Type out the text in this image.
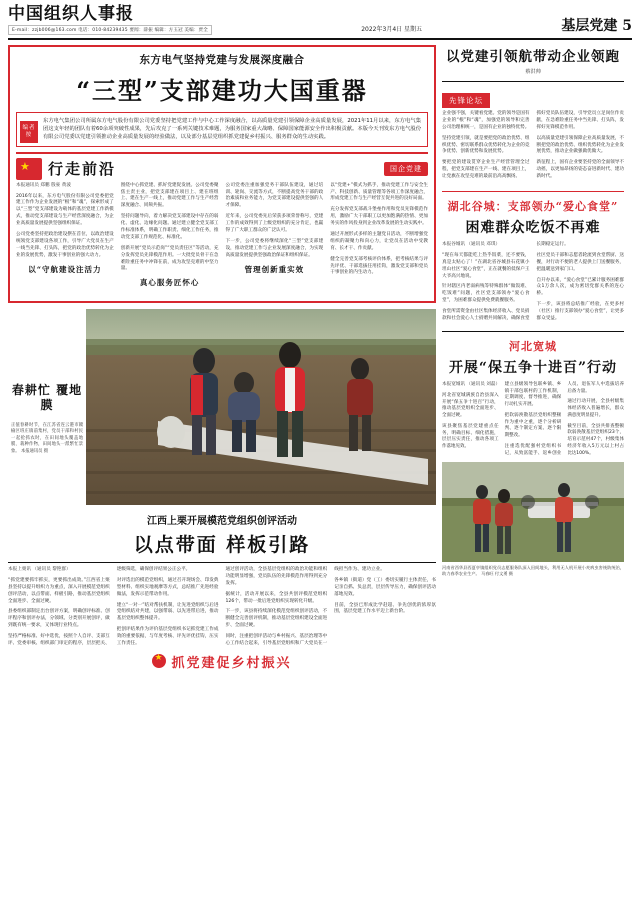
中国组织人事报
E-mail：zzjb006@163.com 电话：010-84239435 要闻：薛振 编辑：方玉冠 美编：贾全	2022年3月4日 星期五	基层党建 5
东方电气坚持党建与发展深度融合
“三型”支部建功大国重器
编者按
东方电气集团公司所属东方电气股份有限公司党委坚持把党建工作与中心工作深度融合，以高质量党建引领保障企业高质量发展，2021年11月以来，东方电气集团这支年轻的团队有着60余项突破性成果，先后攻克了一系列关键技术难题，为服务国家重大战略、保障国家能源安全作出积极贡献。本版今天刊发东方电气股份有限公司党委以党建引领推动企业高质量发展的经验做法，以及部分基层党组织抓党建促乡村振兴、服务群众的生动实践。
★
行走前沿	国企党建

本报通讯员 郑鹏 殷豪 黄波

2016年以来，东方电气股份有限公司党委把党建工作作为企业发展的“根”和“魂”，探索形成了以“三型”党支部建设为载体的基层党建工作新模式，推动党支部建设与生产经营深度融合，为企业高质量发展提供坚强组织保证。

公司党委坚持把政治建设摆在首位，以政治建设统领党支部建设各项工作，引导广大党员在生产一线当先锋、打头阵，把党的政治优势转化为企业的发展优势，激发干事创业的强大动力。

以“守航建设注活力

围绕中心抓党建、抓好党建促发展。公司党委聚焦主责主业，把党支部建在项目上、建在班组上、建在生产一线上，推动党建工作与生产经营深度融合、同频共振。

坚持问题导向，着力解决党支部建设中存在的弱化、虚化、边缘化问题。通过建立健全党支部工作标准体系，明确工作职责、细化工作任务，推动党支部工作规范化、标准化。

创新开展“党员示范岗”“党员责任区”等活动，充分发挥党员先锋模范作用。一大批党员骨干在急难险重任务中冲锋在前，成为攻坚克难的中坚力量。

真心服务匠怀心

公司党委注重加强党务干部队伍建设，通过培训、轮岗、交流等方式，不断提高党务干部的政治素质和业务能力，为党支部建设提供坚强的人才保障。

近年来，公司党委先后荣获多项荣誉称号，党建工作的成效得到了上级党组织的充分肯定，也赢得了广大职工群众的广泛认可。

下一步，公司党委将继续深化“三型”党支部建设，推动党建工作与企业发展深度融合，为实现高质量发展提供坚强政治保证和组织保证。

管理创新重实效

以“党建+”模式为抓手，推动党建工作与安全生产、科技创新、质量管理等各项工作深度融合，形成党建工作与生产经营互促共进的良好局面。

充分发挥党支部战斗堡垒作用和党员先锋模范作用，激励广大干部职工以更加饱满的热情、更加务实的作风投身到企业改革发展的生动实践中。

通过开展形式多样的主题党日活动，不断增强党组织的凝聚力和向心力，让党员在活动中受教育、长才干、作贡献。

健全完善党支部考核评价体系，把考核结果与评先评优、干部选拔任用挂钩，激发党支部和党员干事创业的内生动力。

春耕忙 覆地膜
正值春耕时节，在江苏省连云港市赣榆区班庄镇前集村，党员干部和村民一起抢抓农时，在田间地头覆盖地膜、栽种作物，田间地头一派繁忙景象。 本报通讯员 摄
江西上栗开展模范党组织创评活动
以点带面 样板引路

本报上栗讯 （通讯员 黎艳群）

“抓党建要抓牢抓实，更要抓出成效。”江西省上栗县坚持以提升组织力为重点，深入开展模范党组织创评活动，以点带面、样板引路，推动基层党组织全面进步、全面过硬。

县委组织部制定出台创评方案，明确创评标准、创评程序和创评办法，分领域、分类别开展创评，做到既有统一要求，又体现行业特点。

坚持严格标准、好中选优，按照个人自评、支部互评、党委审核、组织部门审定的程序，层层把关、逐级筛选，确保创评结果公正公平。

对评选出的模范党组织，通过召开现场会、印发典型材料、组织实地观摩等方式，总结推广先进经验做法，发挥示范带动作用。

建立“一对一”结对帮扶机制，让先进党组织与后进党组织结对共建，以强带弱、以先进带后进，推动基层党组织整体提升。

把创评结果作为评价基层党组织书记抓党建工作成效的重要依据，与年度考核、评先评优挂钩，压实工作责任。

通过创评活动，全县基层党组织的政治功能和组织功能明显增强，党员队伍的先锋模范作用得到充分发挥。

据统计，活动开展以来，全县共创评模范党组织126个，带动一批后进党组织实现转化升级。

下一步，该县将持续深化模范党组织创评活动，不断健全完善创评机制，推动基层党组织建设全面进步、全面过硬。

同时，注重把创评活动与乡村振兴、基层治理等中心工作结合起来，引导基层党组织和广大党员在一线担当作为、建功立业。

各乡镇（街道）党（工）委切实履行主体责任，书记亲自抓、负总责，层层传导压力，确保创评活动落地见效。

目前，全县已形成比学赶超、争先创优的浓厚氛围，基层党建工作水平迈上新台阶。

★
抓党建促乡村振兴
以党建引领航带动企业领跑
蔡洪帅
先锋论坛

企业强不强，关键看党建。党的领导是国有企业的“根”和“魂”，加强党的领导和完善公司治理相统一，是国有企业的独特优势。

坚持党建引领，就是要把党的政治优势、组织优势、密切联系群众优势转化为企业的竞争优势、创新优势和发展优势。

要把党的建设贯穿企业生产经营管理全过程，把党支部建在生产一线、建在项目上，让党旗在攻坚克难的最前沿高高飘扬。

抓好党员队伍建设，引导党员立足岗位作贡献，在急难险重任务中当先锋、打头阵，发挥好先锋模范作用。

以高质量党建引领保障企业高质量发展，不断把党的政治优势、组织优势转化为企业发展优势，推动企业做强做优做大。

新征程上，国有企业要坚持党的全面领导不动摇，以更加昂扬的姿态奋进新时代、建功新时代。

湖北谷城：支部领办“爱心食堂”
困难群众吃饭不再难

本报谷城讯 （通讯员 邓琪）

“现在每天都能吃上热乎饭菜，还不要钱，真是太贴心了！”在湖北省谷城县石花镇小坦山社区“爱心食堂”，正在就餐的低保户王大爷高兴地说。

针对辖区内老弱病残等特殊群体“做饭难、吃饭难”问题，社区党支部领办“爱心食堂”，为困难群众提供免费就餐服务。

食堂所需资金由社区集体经济收入、党员捐款和社会爱心人士捐赠共同解决，确保食堂长期稳定运行。

社区党员干部和志愿者轮流到食堂帮厨、送餐，对行动不便的老人提供上门送餐服务，把温暖送到家门口。

自开办以来，“爱心食堂”已累计服务困难群众1万余人次，成为密切党群关系的连心桥。

下一步，该县将总结推广经验，在更多村（社区）推行支部领办“爱心食堂”，让更多群众受益。

河北宽城
开展“保五争十进百”行动

本报宽城讯 （通讯员 刘磊）

河北省宽城满族自治县深入开展“保五争十进百”行动，推动基层党组织全面进步、全面过硬。

该县聚焦基层党建重点任务，明确目标、细化措施，层层压实责任，推动各项工作落地见效。

建立县级领导包联乡镇、乡镇干部包联村的工作机制，定期调度、督导推进，确保行动扎实开展。

把软弱涣散基层党组织整顿作为重中之重，逐个分析研判、逐个制定方案、逐个限期整改。

注重选优配强村党组织书记，从致富能手、返乡创业人员、退伍军人中选拔培养后备力量。

通过行动开展，全县村级集体经济收入普遍增长，群众满意度明显提升。

截至目前，全县共排查整顿软弱涣散基层党组织23个，培育示范村47个，村级集体经济年收入5万元以上村占比达100%。

河南省西华县西夏亭镇组织党员志愿服务队深入田间地头，利用无人机开展小麦病虫害统防统治，助力春季农业生产。 马春旺 付文勇 摄
